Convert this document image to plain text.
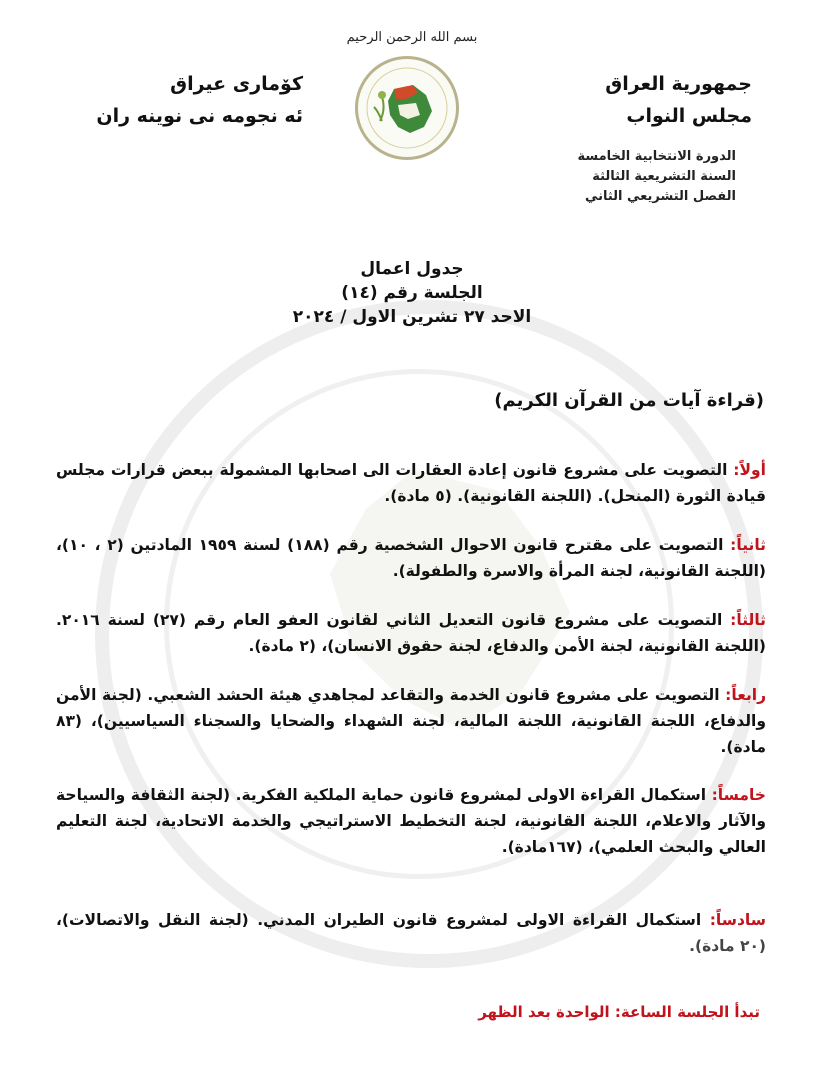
بسم الله الرحمن الرحيم
جمهورية العراق
مجلس النواب
الدورة الانتخابية الخامسة
السنة التشريعية الثالثة
الفصل التشريعي الثاني
كۆمارى عيراق
ئه نجومه نى نوينه ران
جدول اعمال
الجلسة رقم (١٤)
الاحد ٢٧ تشرين الاول / ٢٠٢٤
(قراءة آيات من القرآن الكريم)
أولاً: التصويت على مشروع قانون إعادة العقارات الى اصحابها المشمولة ببعض قرارات مجلس قيادة الثورة (المنحل). (اللجنة القانونية). (٥ مادة).
ثانياً: التصويت على مقترح قانون الاحوال الشخصية رقم (١٨٨) لسنة ١٩٥٩ المادتين (٢ ، ١٠)، (اللجنة القانونية، لجنة المرأة والاسرة والطفولة).
ثالثاً: التصويت على مشروع قانون التعديل الثاني لقانون العفو العام رقم (٢٧) لسنة ٢٠١٦. (اللجنة القانونية، لجنة الأمن والدفاع، لجنة حقوق الانسان)، (٢ مادة).
رابعاً: التصويت على مشروع قانون الخدمة والتقاعد لمجاهدي هيئة الحشد الشعبي. (لجنة الأمن والدفاع، اللجنة القانونية، اللجنة المالية، لجنة الشهداء والضحايا والسجناء السياسيين)، (٨٣ مادة).
خامساً: استكمال القراءة الاولى لمشروع قانون حماية الملكية الفكرية. (لجنة الثقافة والسياحة والآثار والاعلام، اللجنة القانونية، لجنة التخطيط الاستراتيجي والخدمة الاتحادية، لجنة التعليم العالي والبحث العلمي)، (١٦٧مادة).
سادساً: استكمال القراءة الاولى لمشروع قانون الطيران المدني. (لجنة النقل والاتصالات)، (٢٠ مادة).
تبدأ الجلسة الساعة: الواحدة بعد الظهر
